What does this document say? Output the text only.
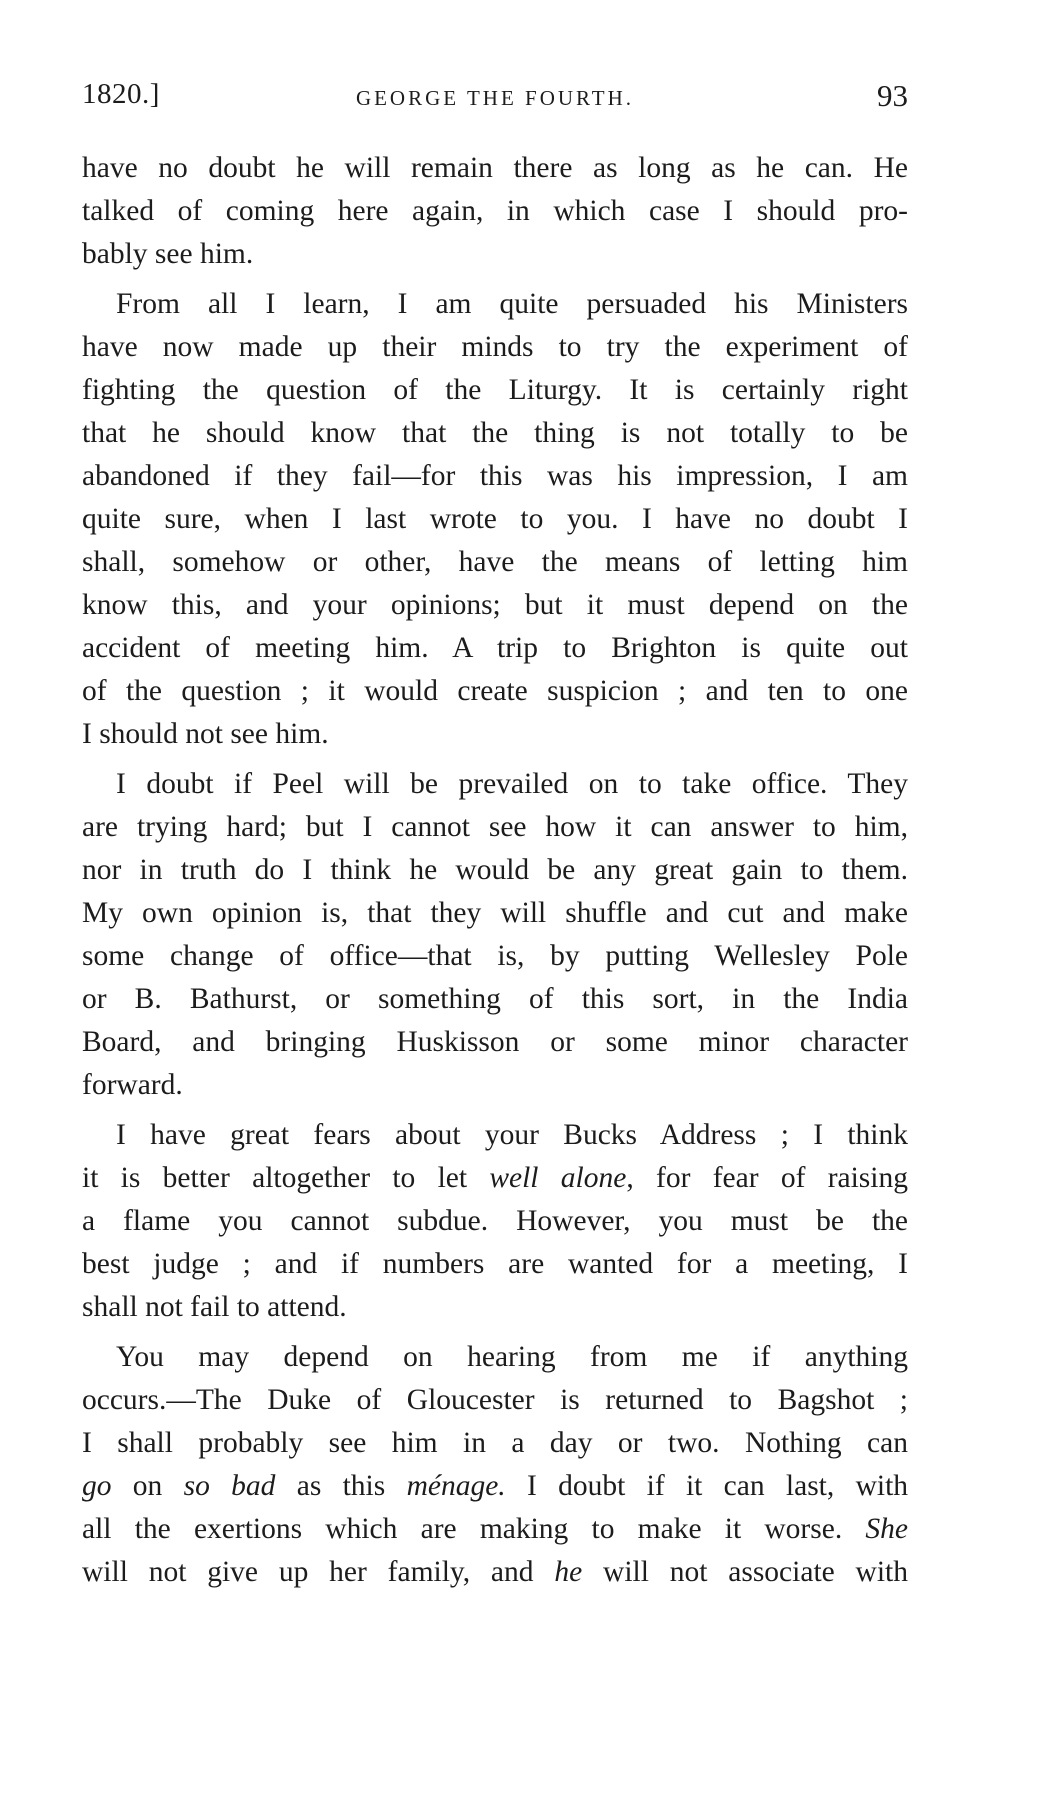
1820.]	GEORGE THE FOURTH.	93

have no doubt he will remain there as long as he can. He
talked of coming here again, in which case I should pro-
bably see him.

From all I learn, I am quite persuaded his Ministers
have now made up their minds to try the experiment of
fighting the question of the Liturgy. It is certainly right
that he should know that the thing is not totally to be
abandoned if they fail—for this was his impression, I am
quite sure, when I last wrote to you. I have no doubt I
shall, somehow or other, have the means of letting him
know this, and your opinions; but it must depend on the
accident of meeting him. A trip to Brighton is quite out
of the question ; it would create suspicion ; and ten to one
I should not see him.

I doubt if Peel will be prevailed on to take office. They
are trying hard; but I cannot see how it can answer to him,
nor in truth do I think he would be any great gain to them.
My own opinion is, that they will shuffle and cut and make
some change of office—that is, by putting Wellesley Pole
or B. Bathurst, or something of this sort, in the India
Board, and bringing Huskisson or some minor character
forward.

I have great fears about your Bucks Address ; I think
it is better altogether to let well alone, for fear of raising
a flame you cannot subdue. However, you must be the
best judge ; and if numbers are wanted for a meeting, I
shall not fail to attend.

You may depend on hearing from me if anything
occurs.—The Duke of Gloucester is returned to Bagshot ;
I shall probably see him in a day or two. Nothing can
go on so bad as this ménage. I doubt if it can last, with
all the exertions which are making to make it worse. She
will not give up her family, and he will not associate with
